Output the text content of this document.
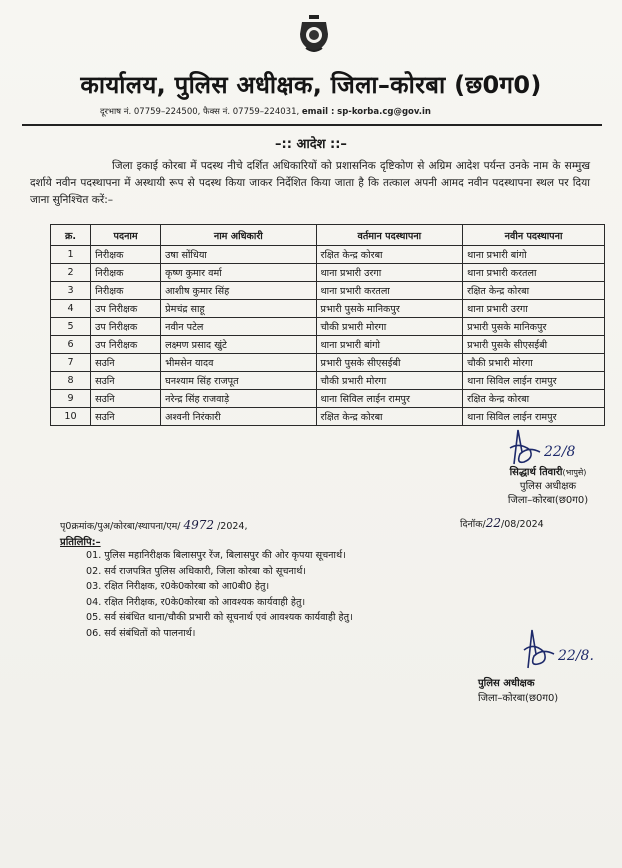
कार्यालय, पुलिस अधीक्षक, जिला–कोरबा (छ0ग0)
दूरभाष नं. 07759–224500, फैक्स नं. 07759–224031, email : sp-korba.cg@gov.in
–:: आदेश ::–
जिला इकाई कोरबा में पदस्थ नीचे दर्शित अधिकारियों को प्रशासनिक दृष्टिकोण से अग्रिम आदेश पर्यन्त उनके नाम के सम्मुख दर्शाये नवीन पदस्थापना में अस्थायी रूप से पदस्थ किया जाकर निर्देशित किया जाता है कि तत्काल अपनी आमद नवीन पदस्थापना स्थल पर दिया जाना सुनिश्चित करें:–
क्र.	पदनाम	नाम अधिकारी	वर्तमान पदस्थापना	नवीन पदस्थापना
1	निरीक्षक	उषा सोंधिया	रक्षित केन्द्र कोरबा	थाना प्रभारी बांगो
2	निरीक्षक	कृष्ण कुमार वर्मा	थाना प्रभारी उरगा	थाना प्रभारी करतला
3	निरीक्षक	आशीष कुमार सिंह	थाना प्रभारी करतला	रक्षित केन्द्र कोरबा
4	उप निरीक्षक	प्रेमचंद्र साहू	प्रभारी पुसके मानिकपुर	थाना प्रभारी उरगा
5	उप निरीक्षक	नवीन पटेल	चौकी प्रभारी मोरगा	प्रभारी पुसके मानिकपुर
6	उप निरीक्षक	लक्ष्मण प्रसाद खुंटे	थाना प्रभारी बांगो	प्रभारी पुसके सीएसईबी
7	सउनि	भीमसेन यादव	प्रभारी पुसके सीएसईबी	चौकी प्रभारी मोरगा
8	सउनि	घनश्याम सिंह राजपूत	चौकी प्रभारी मोरगा	थाना सिविल लाईन रामपुर
9	सउनि	नरेन्द्र सिंह राजवाड़े	थाना सिविल लाईन रामपुर	रक्षित केन्द्र कोरबा
10	सउनि	अश्वनी निरंकारी	रक्षित केन्द्र कोरबा	थाना सिविल लाईन रामपुर
22/8
सिद्धार्थ तिवारी(भापुसे)
पुलिस अधीक्षक
जिला–कोरबा(छ0ग0)
पृ0क्रमांक/पुअ/कोरबा/स्थापना/एम/ 4972 /2024,	दिनॉक/22/08/2024
प्रतिलिपि:–
01. पुलिस महानिरीक्षक बिलासपुर रेंज, बिलासपुर की ओर कृपया सूचनार्थ।
02. सर्व राजपत्रित पुलिस अधिकारी, जिला कोरबा को सूचनार्थ।
03. रक्षित निरीक्षक, र0के0कोरबा को आ0बी0 हेतु।
04. रक्षित निरीक्षक, र0के0कोरबा को आवश्यक कार्यवाही हेतु।
05. सर्व संबंधित थाना/चौकी प्रभारी को सूचनार्थ एवं आवश्यक कार्यवाही हेतु।
06. सर्व संबंधितों को पालनार्थ।
22/8.
पुलिस अधीक्षक
जिला–कोरबा(छ0ग0)
